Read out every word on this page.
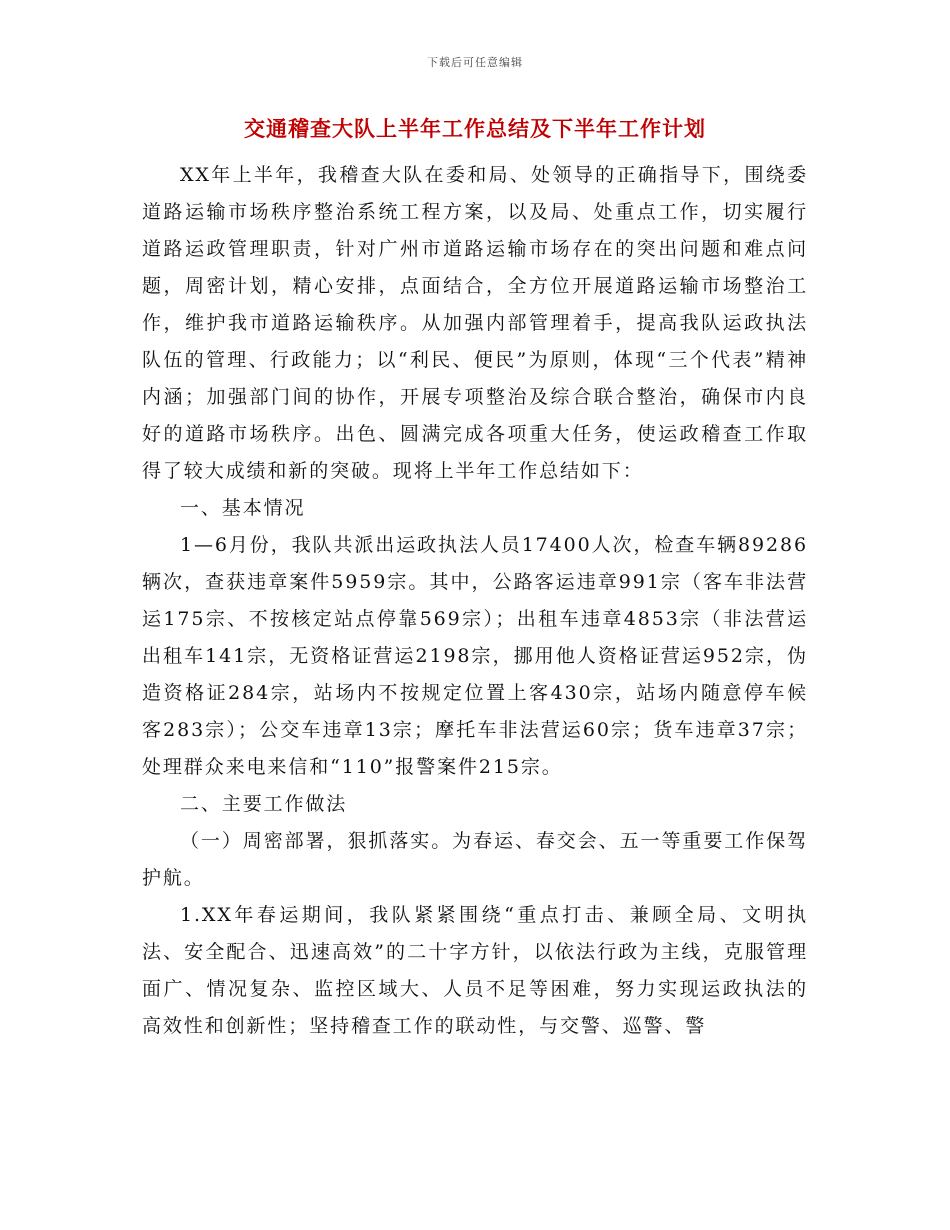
下载后可任意编辑
交通稽查大队上半年工作总结及下半年工作计划

XX年上半年，我稽查大队在委和局、处领导的正确指导下，围绕委道路运输市场秩序整治系统工程方案，以及局、处重点工作，切实履行道路运政管理职责，针对广州市道路运输市场存在的突出问题和难点问题，周密计划，精心安排，点面结合，全方位开展道路运输市场整治工作，维护我市道路运输秩序。从加强内部管理着手，提高我队运政执法队伍的管理、行政能力；以“利民、便民”为原则，体现“三个代表”精神内涵；加强部门间的协作，开展专项整治及综合联合整治，确保市内良好的道路市场秩序。出色、圆满完成各项重大任务，使运政稽查工作取得了较大成绩和新的突破。现将上半年工作总结如下：

一、基本情况

1—6月份，我队共派出运政执法人员17400人次，检查车辆89286辆次，查获违章案件5959宗。其中，公路客运违章991宗（客车非法营运175宗、不按核定站点停靠569宗）；出租车违章4853宗（非法营运出租车141宗，无资格证营运2198宗，挪用他人资格证营运952宗，伪造资格证284宗，站场内不按规定位置上客430宗，站场内随意停车候客283宗）；公交车违章13宗；摩托车非法营运60宗；货车违章37宗；处理群众来电来信和“110”报警案件215宗。

二、主要工作做法

（一）周密部署，狠抓落实。为春运、春交会、五一等重要工作保驾护航。

1.XX年春运期间，我队紧紧围绕“重点打击、兼顾全局、文明执法、安全配合、迅速高效”的二十字方针，以依法行政为主线，克服管理面广、情况复杂、监控区域大、人员不足等困难，努力实现运政执法的高效性和创新性；坚持稽查工作的联动性，与交警、巡警、警
